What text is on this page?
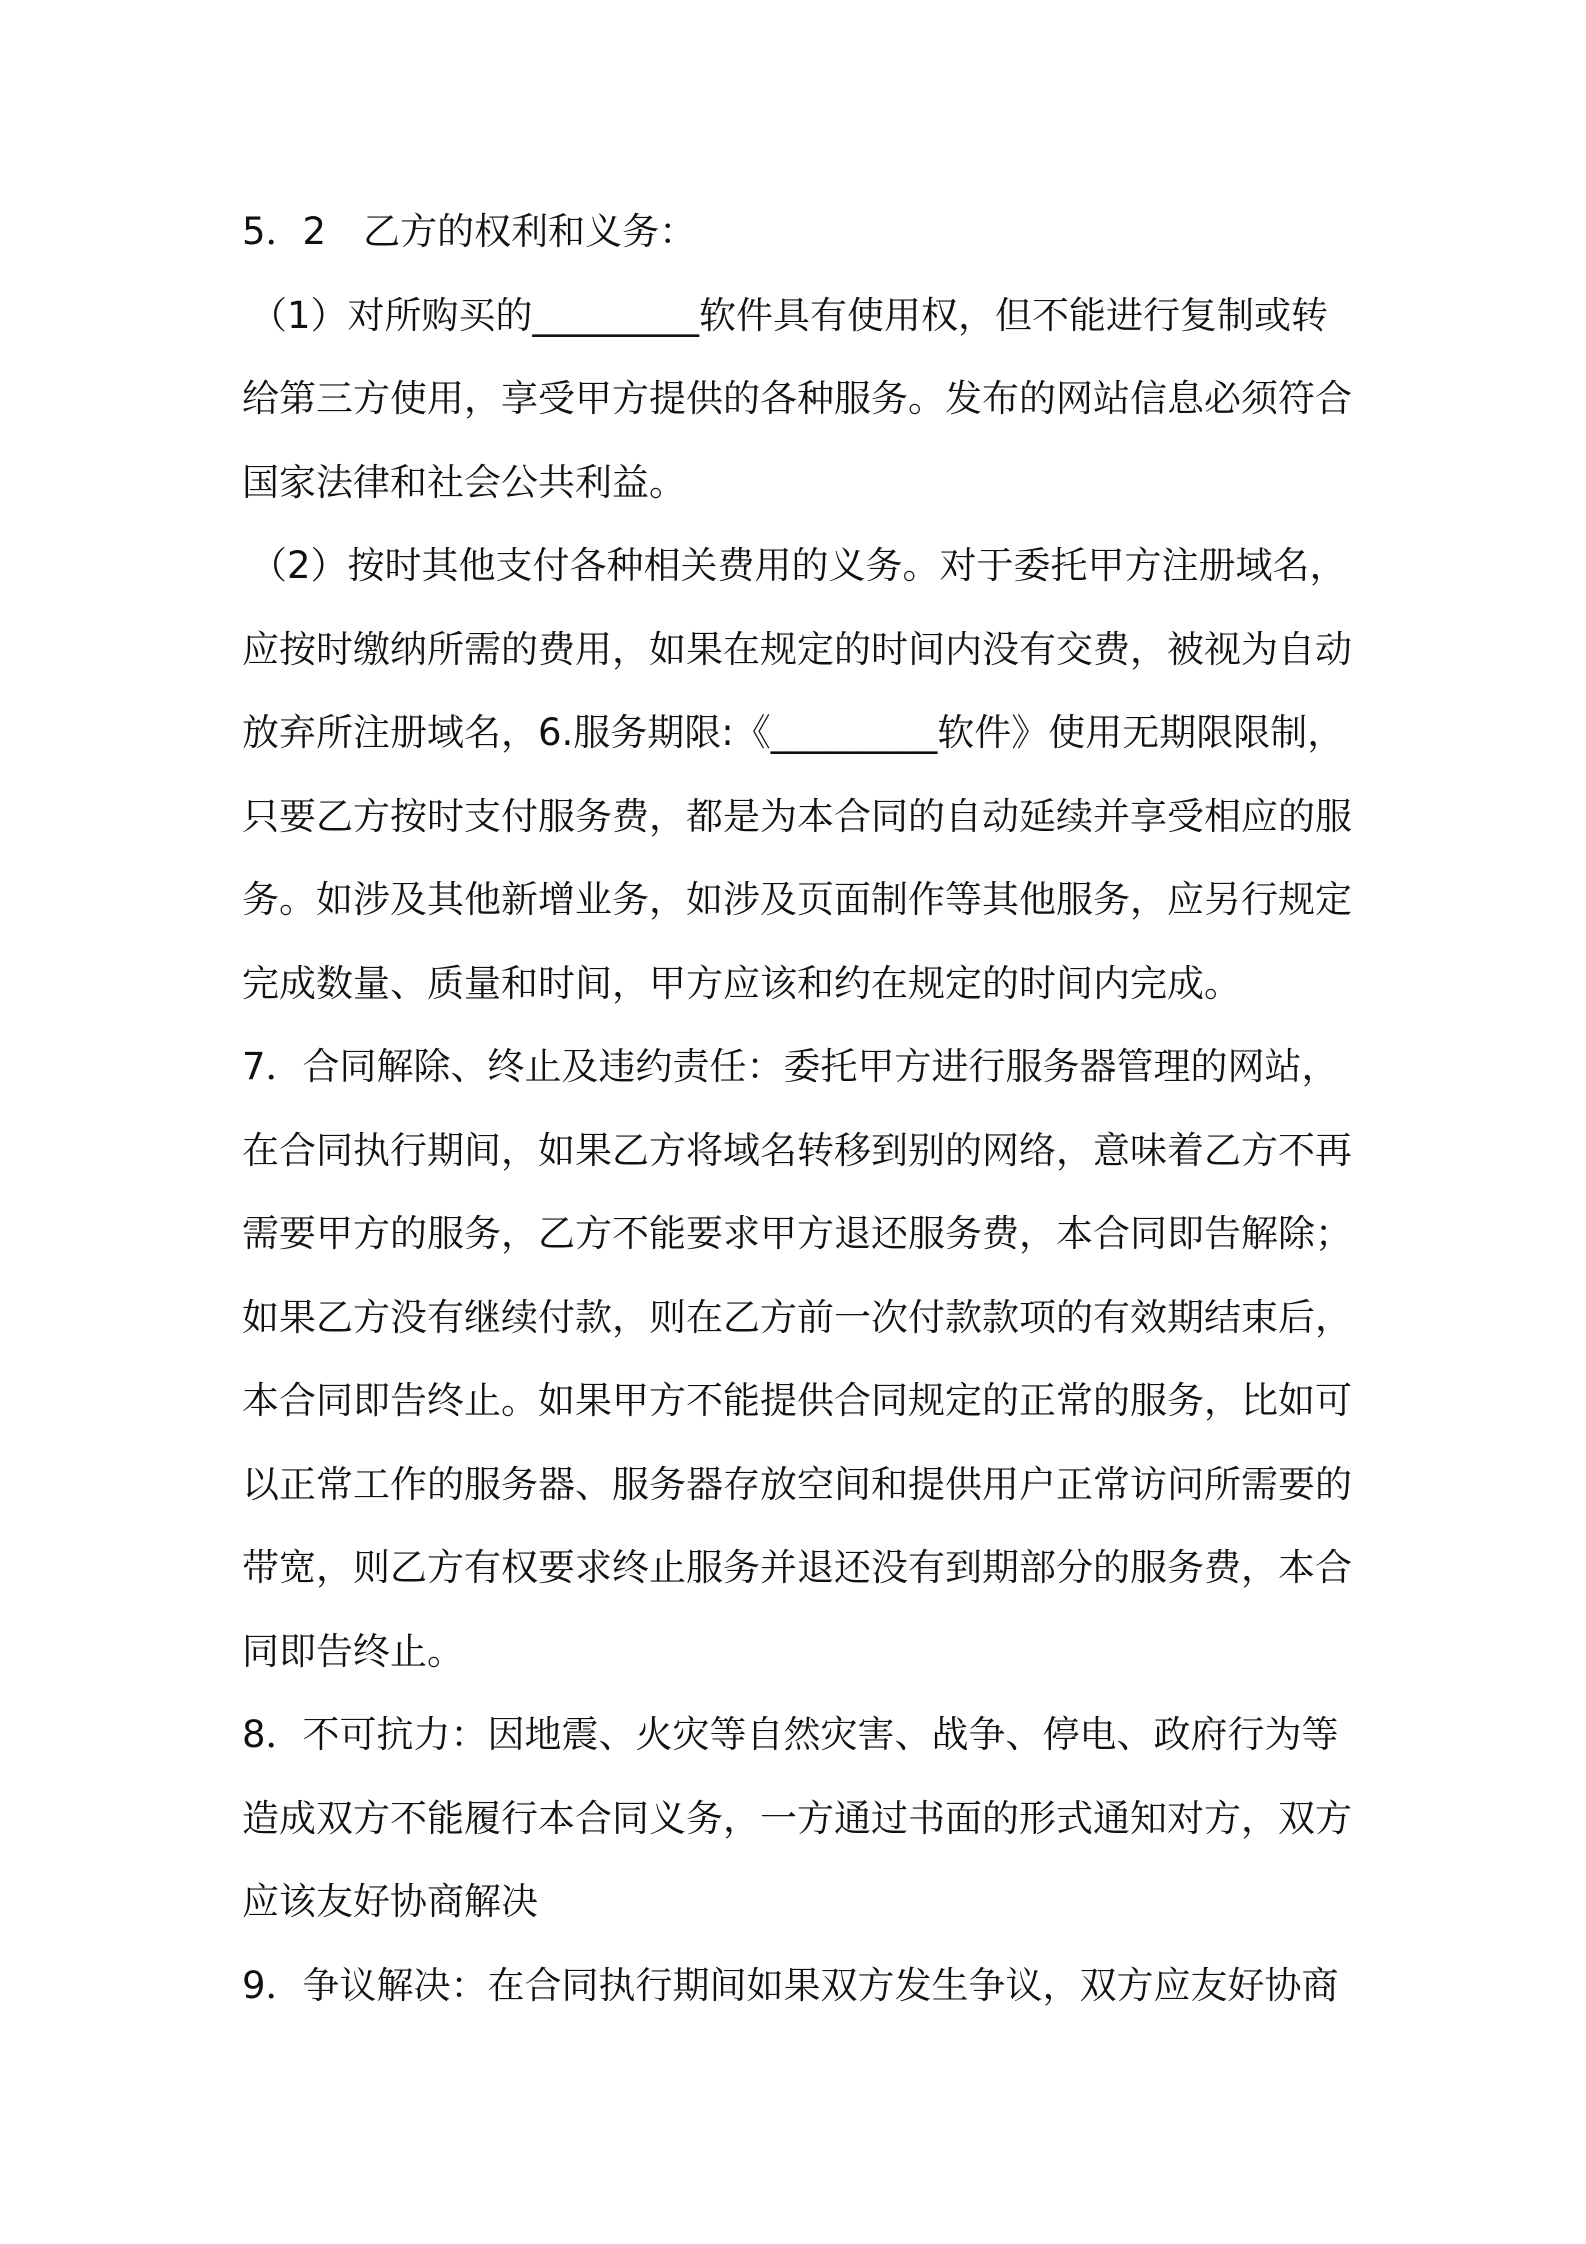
5．2　乙方的权利和义务：
（1）对所购买的_________软件具有使用权，但不能进行复制或转
给第三方使用，享受甲方提供的各种服务。发布的网站信息必须符合
国家法律和社会公共利益。
（2）按时其他支付各种相关费用的义务。对于委托甲方注册域名，
应按时缴纳所需的费用，如果在规定的时间内没有交费，被视为自动
放弃所注册域名，6.服务期限:《_________软件》使用无期限限制，
只要乙方按时支付服务费，都是为本合同的自动延续并享受相应的服
务。如涉及其他新增业务，如涉及页面制作等其他服务，应另行规定
完成数量、质量和时间，甲方应该和约在规定的时间内完成。
7．合同解除、终止及违约责任：委托甲方进行服务器管理的网站，
在合同执行期间，如果乙方将域名转移到别的网络，意味着乙方不再
需要甲方的服务，乙方不能要求甲方退还服务费，本合同即告解除；
如果乙方没有继续付款，则在乙方前一次付款款项的有效期结束后，
本合同即告终止。如果甲方不能提供合同规定的正常的服务，比如可
以正常工作的服务器、服务器存放空间和提供用户正常访问所需要的
带宽，则乙方有权要求终止服务并退还没有到期部分的服务费，本合
同即告终止。
8．不可抗力：因地震、火灾等自然灾害、战争、停电、政府行为等
造成双方不能履行本合同义务，一方通过书面的形式通知对方，双方
应该友好协商解决
9．争议解决：在合同执行期间如果双方发生争议，双方应友好协商
